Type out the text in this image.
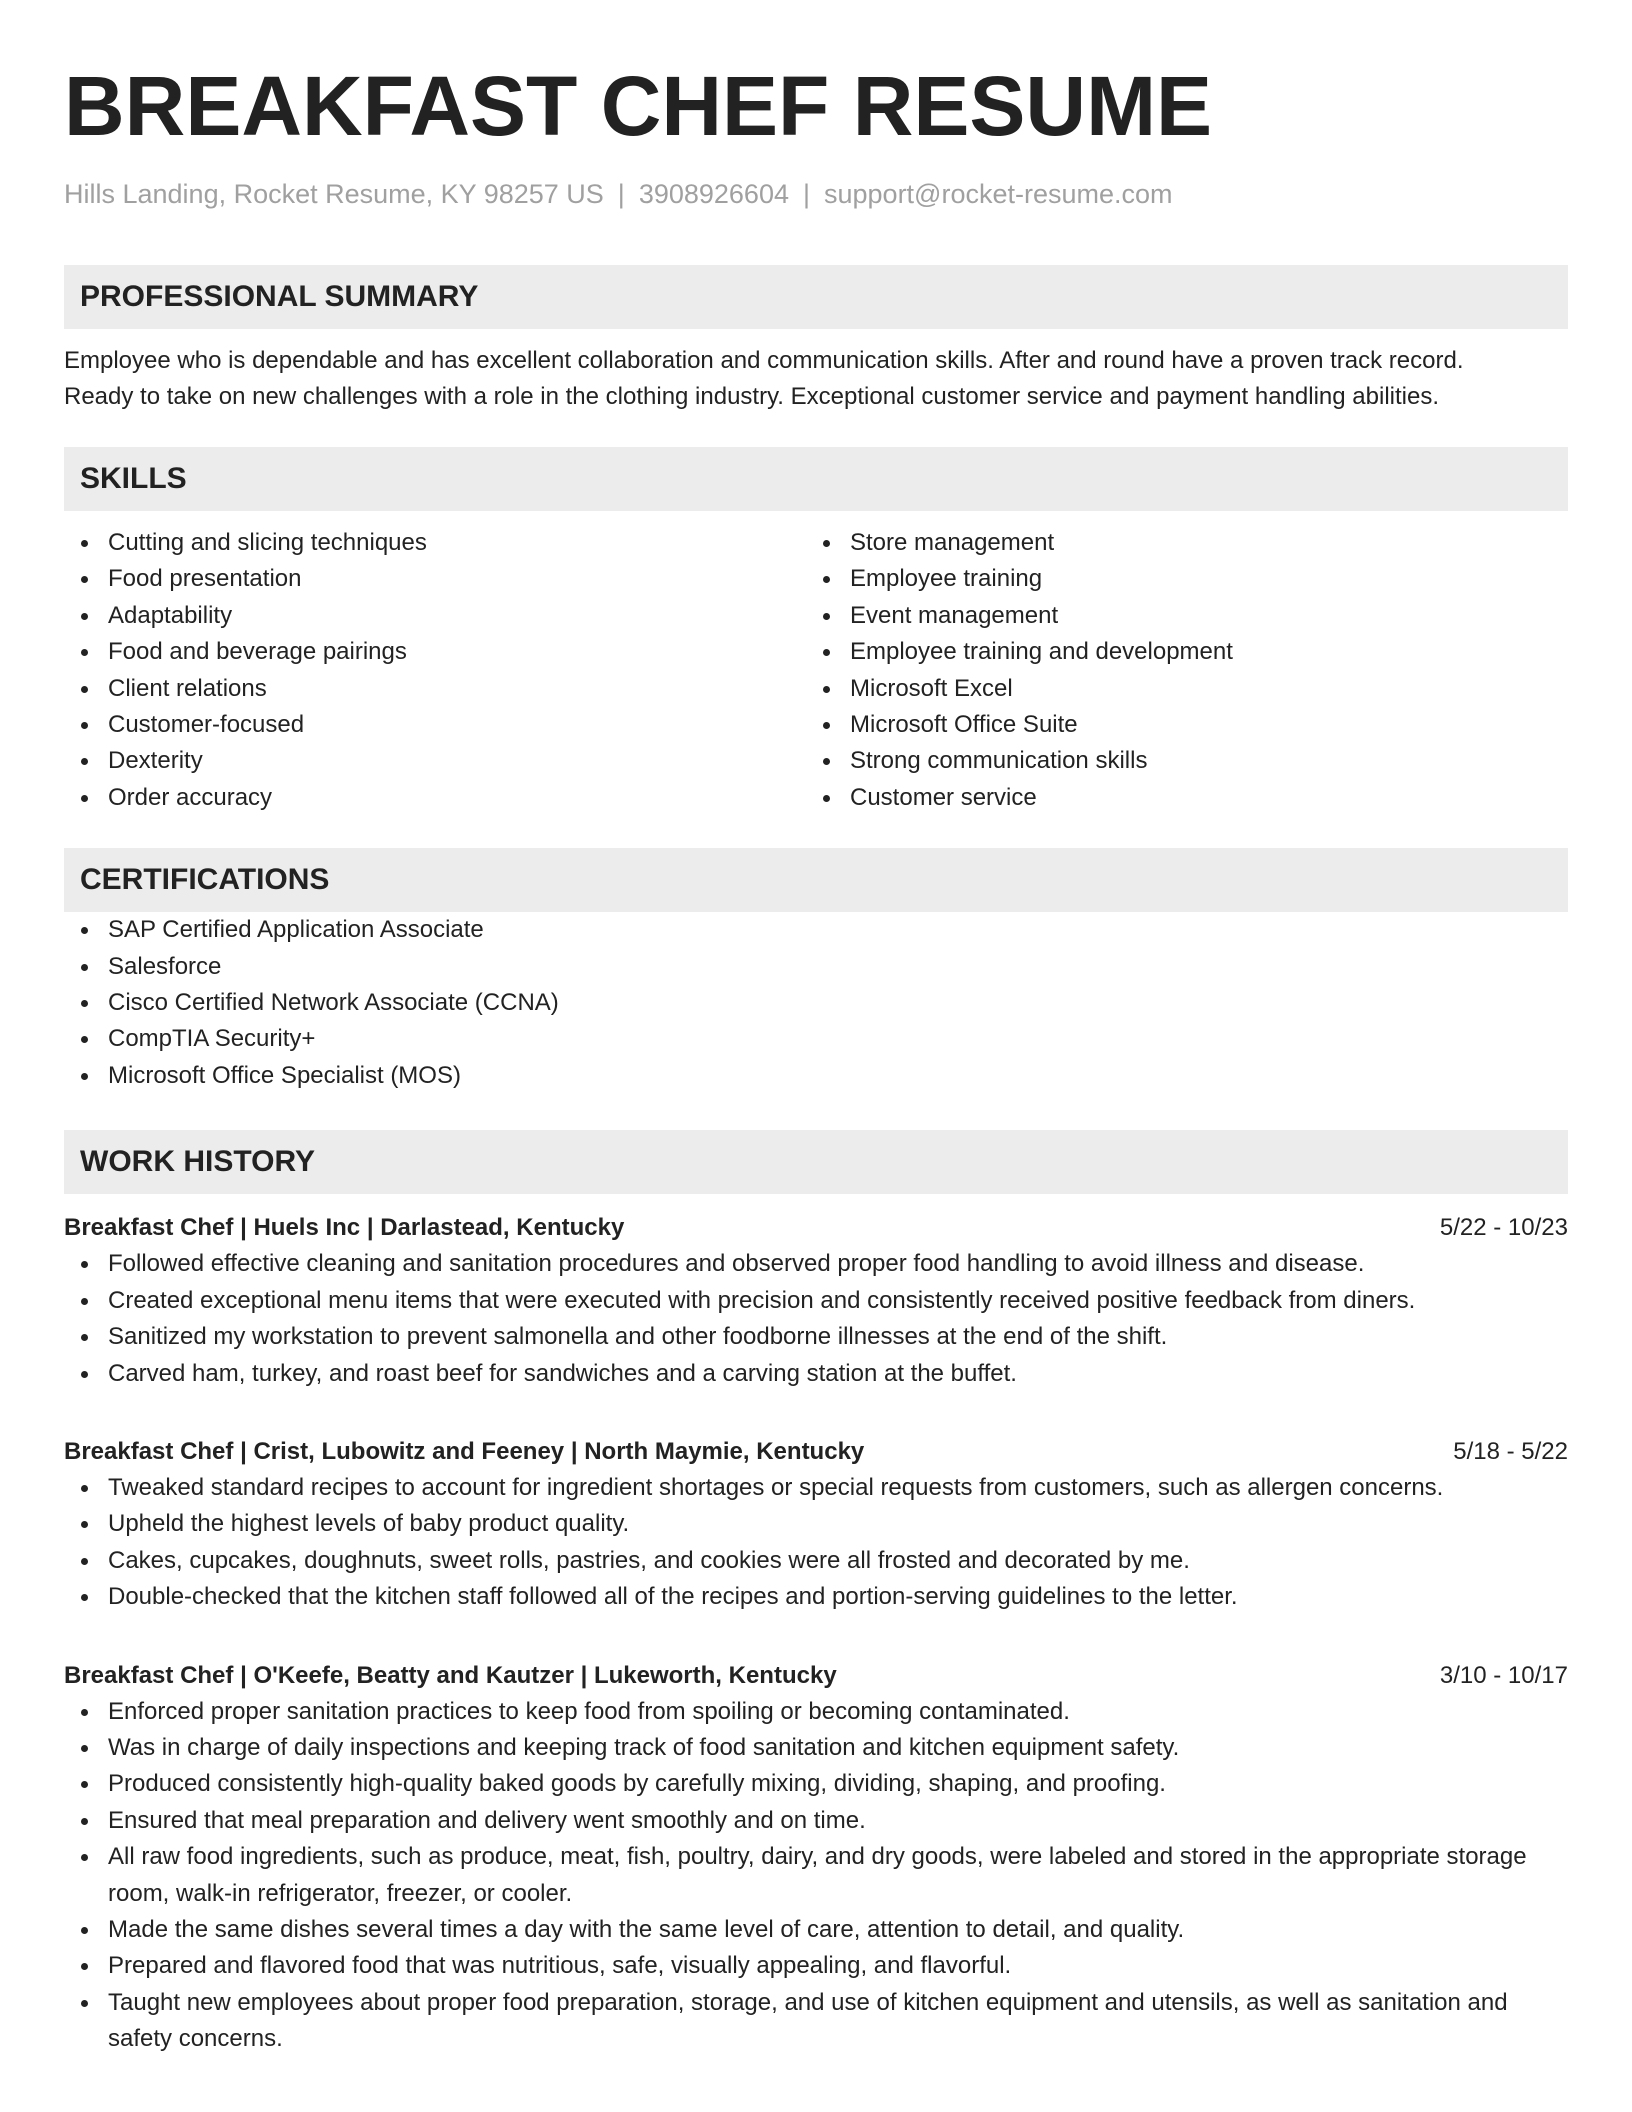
BREAKFAST CHEF RESUME
Hills Landing, Rocket Resume, KY 98257 US | 3908926604 | support@rocket-resume.com
PROFESSIONAL SUMMARY
Employee who is dependable and has excellent collaboration and communication skills. After and round have a proven track record.
Ready to take on new challenges with a role in the clothing industry. Exceptional customer service and payment handling abilities.
SKILLS
Cutting and slicing techniques
Food presentation
Adaptability
Food and beverage pairings
Client relations
Customer-focused
Dexterity
Order accuracy
Store management
Employee training
Event management
Employee training and development
Microsoft Excel
Microsoft Office Suite
Strong communication skills
Customer service
CERTIFICATIONS
SAP Certified Application Associate
Salesforce
Cisco Certified Network Associate (CCNA)
CompTIA Security+
Microsoft Office Specialist (MOS)
WORK HISTORY
Breakfast Chef | Huels Inc | Darlastead, Kentucky	5/22 - 10/23
Followed effective cleaning and sanitation procedures and observed proper food handling to avoid illness and disease.
Created exceptional menu items that were executed with precision and consistently received positive feedback from diners.
Sanitized my workstation to prevent salmonella and other foodborne illnesses at the end of the shift.
Carved ham, turkey, and roast beef for sandwiches and a carving station at the buffet.
Breakfast Chef | Crist, Lubowitz and Feeney | North Maymie, Kentucky	5/18 - 5/22
Tweaked standard recipes to account for ingredient shortages or special requests from customers, such as allergen concerns.
Upheld the highest levels of baby product quality.
Cakes, cupcakes, doughnuts, sweet rolls, pastries, and cookies were all frosted and decorated by me.
Double-checked that the kitchen staff followed all of the recipes and portion-serving guidelines to the letter.
Breakfast Chef | O'Keefe, Beatty and Kautzer | Lukeworth, Kentucky	3/10 - 10/17
Enforced proper sanitation practices to keep food from spoiling or becoming contaminated.
Was in charge of daily inspections and keeping track of food sanitation and kitchen equipment safety.
Produced consistently high-quality baked goods by carefully mixing, dividing, shaping, and proofing.
Ensured that meal preparation and delivery went smoothly and on time.
All raw food ingredients, such as produce, meat, fish, poultry, dairy, and dry goods, were labeled and stored in the appropriate storage room, walk-in refrigerator, freezer, or cooler.
Made the same dishes several times a day with the same level of care, attention to detail, and quality.
Prepared and flavored food that was nutritious, safe, visually appealing, and flavorful.
Taught new employees about proper food preparation, storage, and use of kitchen equipment and utensils, as well as sanitation and safety concerns.
